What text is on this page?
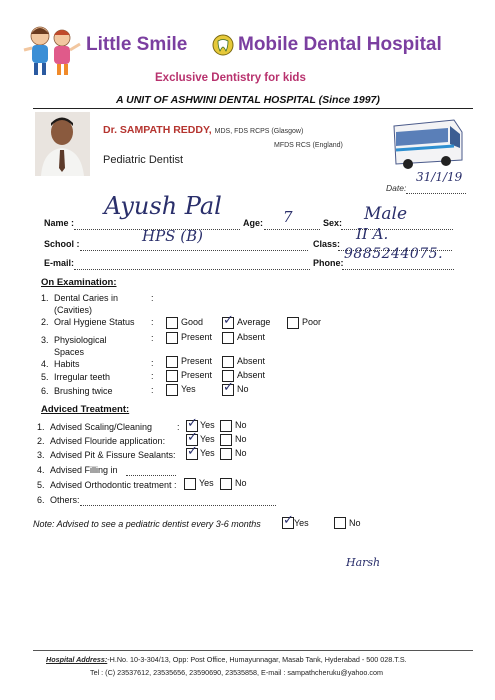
Little Smile	Mobile Dental Hospital
Exclusive Dentistry for kids
A UNIT OF ASHWINI DENTAL HOSPITAL (Since 1997)
Dr. SAMPATH REDDY, MDS, FDS RCPS (Glasgow)
MFDS RCS (England)
Pediatric Dentist
Date:
31/1/19
Name :
Ayush Pal
Age: 7	Sex: Male
School :	HPS (B)	Class:
II A.
E-mail:	Phone:
9885244075.
On Examination:
1. Dental Caries in
(Cavities)
:
2. Oral Hygiene Status :	Good ✓	Average	Poor
3. Physiological
Spaces
:	Present	Absent
4. Habits	:	Present	Absent
5. Irregular teeth	:	Present	Absent
6. Brushing twice	:	Yes ✓	No
Adviced Treatment:
1. Advised Scaling/Cleaning	: ✓ Yes No
2. Advised Flouride application: ✓	Yes No
3. Advised Pit & Fissure Sealants: ✓	Yes No
4. Advised Filling in
5. Advised Orthodontic treatment : Yes No
6. Others:
Note: Advised to see a pediatric dentist every 3-6 months ✓	Yes	No
Harsh
Hospital Address:-H.No. 10-3-304/13, Opp: Post Office, Humayunnagar, Masab Tank, Hyderabad - 500 028.T.S.
Tel : (C) 23537612, 23535656, 23590690, 23535858, E-mail : sampathcheruku@yahoo.com
